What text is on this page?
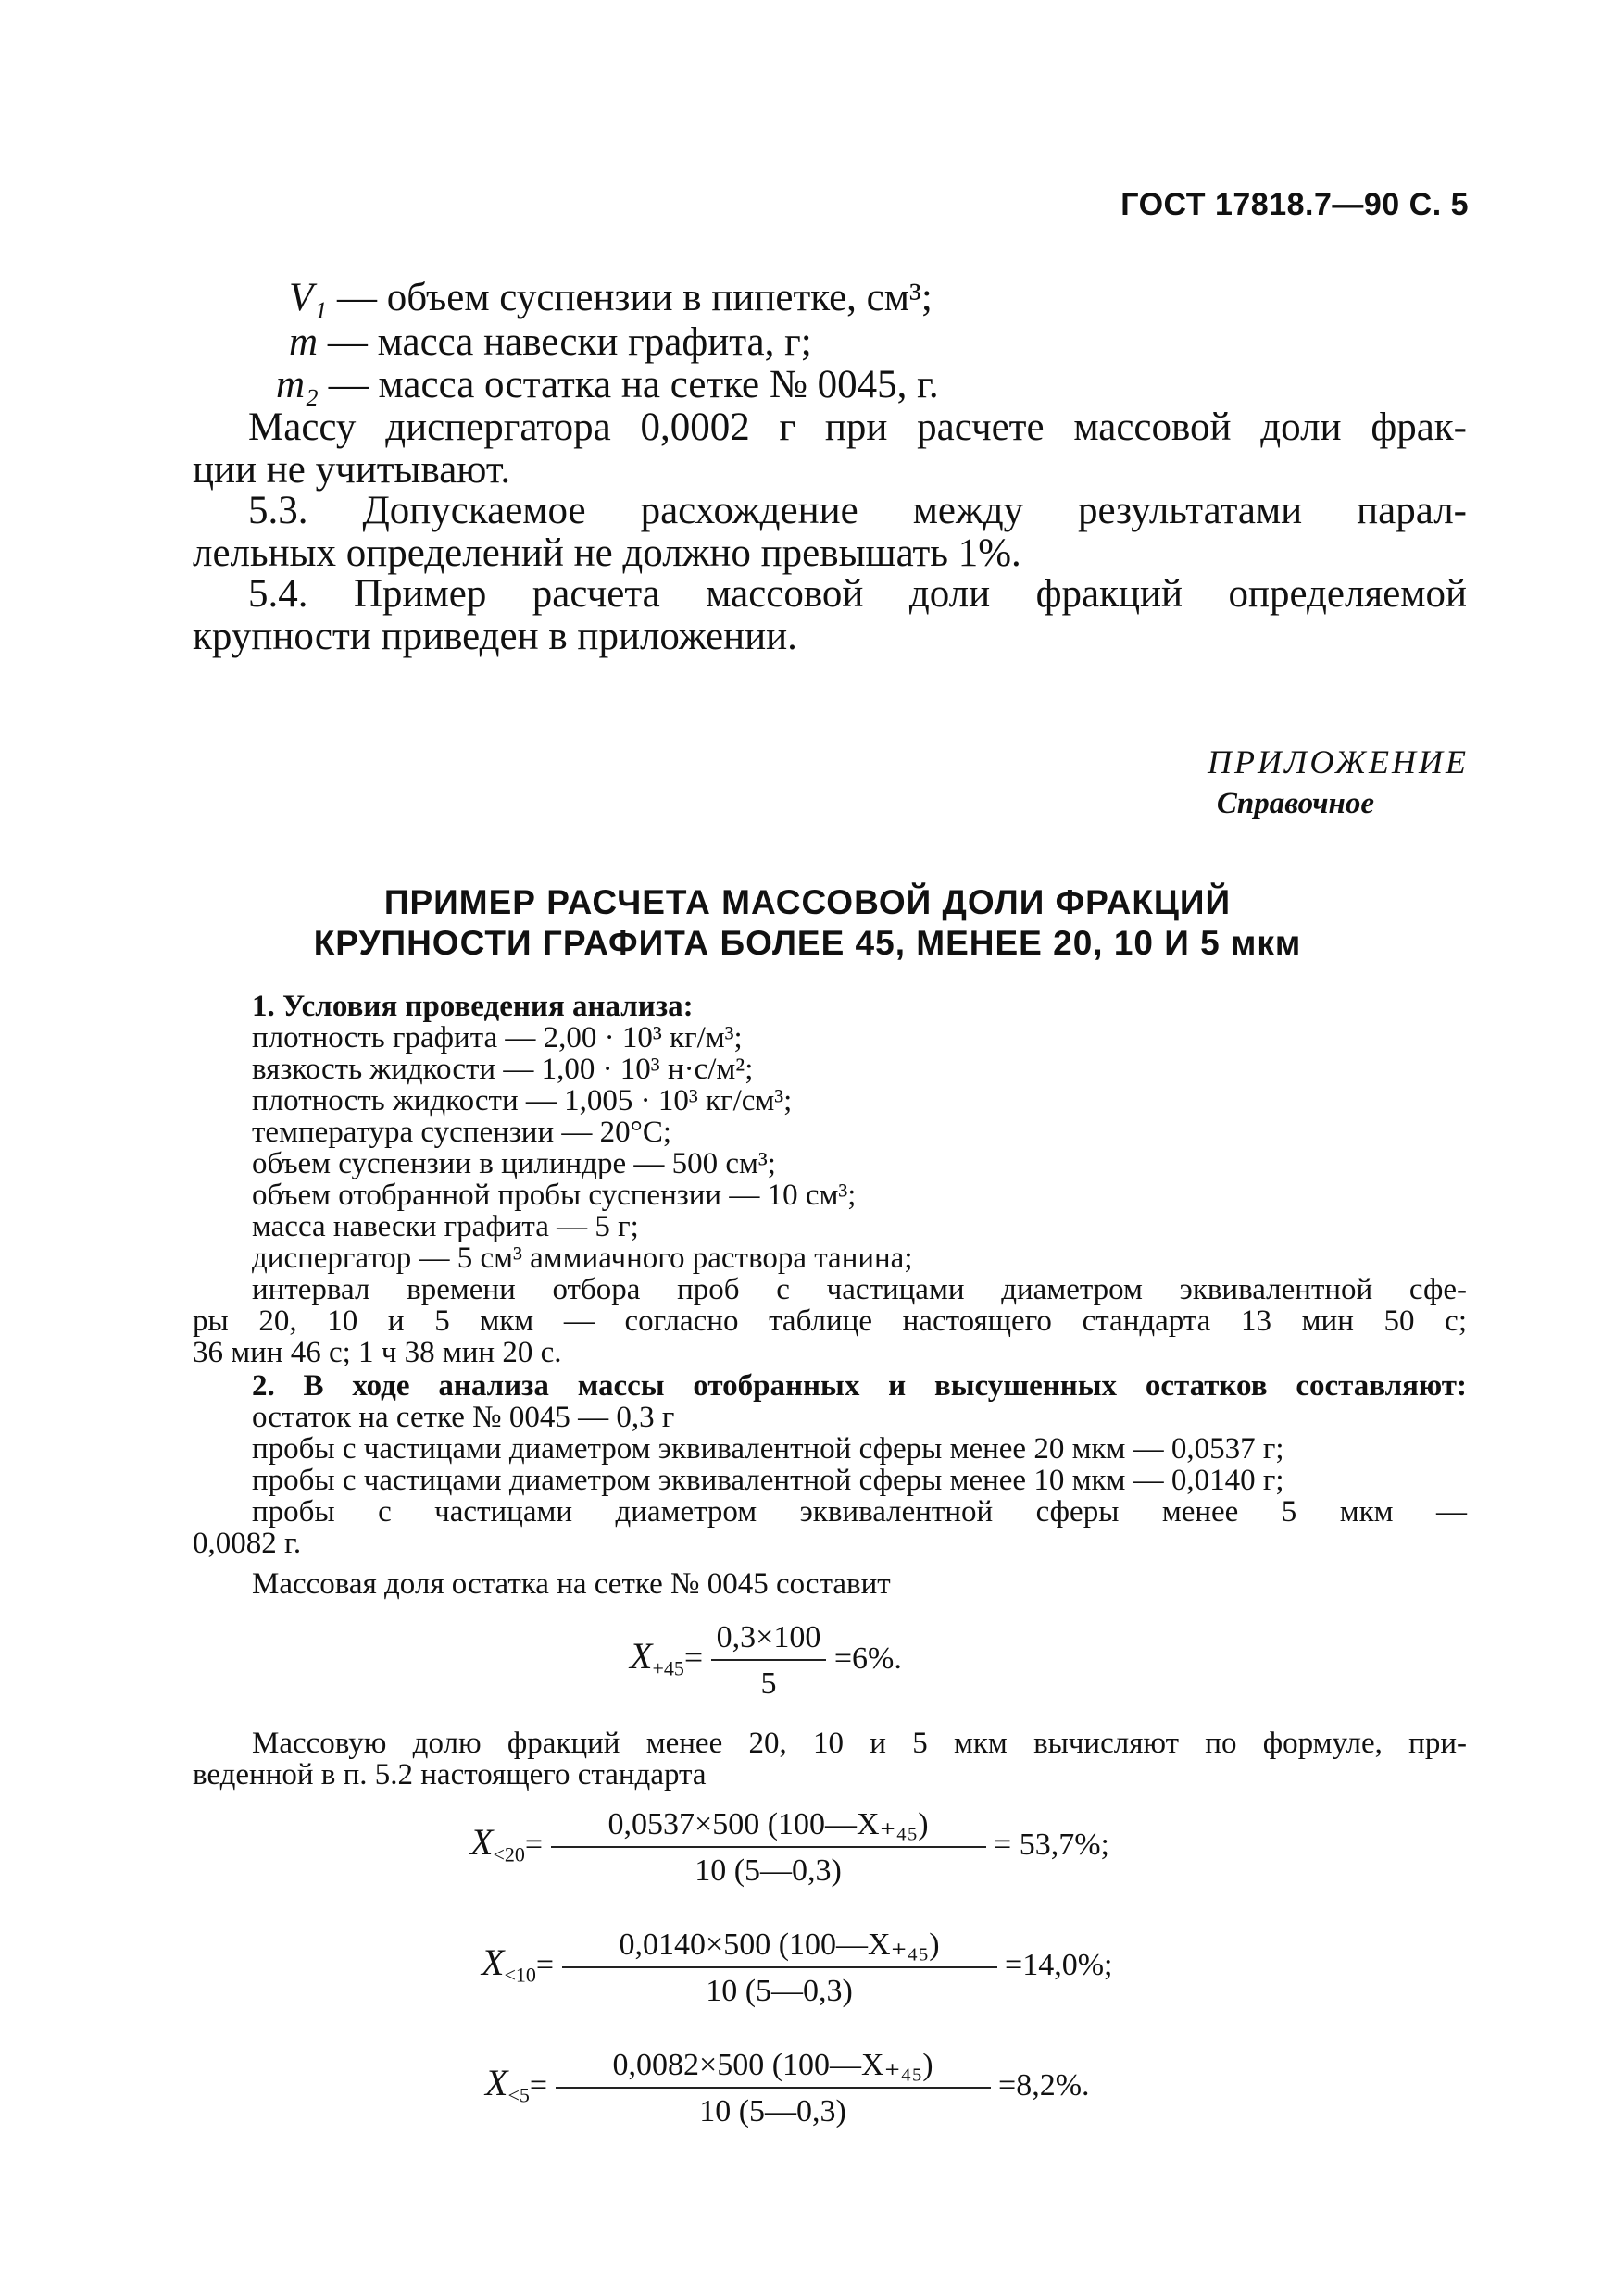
ГОСТ 17818.7—90 С. 5
V₁ — объем суспензии в пипетке, см³;
m — масса навески графита, г;
m₂ — масса остатка на сетке № 0045, г.
Массу диспергатора 0,0002 г при расчете массовой доли фрак-
ции не учитывают.
5.3. Допускаемое расхождение между результатами парал-
лельных определений не должно превышать 1%.
5.4. Пример расчета массовой доли фракций определяемой
крупности приведен в приложении.
ПРИЛОЖЕНИЕ
Справочное
ПРИМЕР РАСЧЕТА МАССОВОЙ ДОЛИ ФРАКЦИЙ
КРУПНОСТИ ГРАФИТА БОЛЕЕ 45, МЕНЕЕ 20, 10 И 5 мкм
1. Условия проведения анализа:
плотность графита — 2,00 · 10³ кг/м³;
вязкость жидкости — 1,00 · 10³ н·с/м²;
плотность жидкости — 1,005 · 10³ кг/см³;
температура суспензии — 20°С;
объем суспензии в цилиндре — 500 см³;
объем отобранной пробы суспензии — 10 см³;
масса навески графита — 5 г;
диспергатор — 5 см³ аммиачного раствора танина;
интервал времени отбора проб с частицами диаметром эквивалентной сфе-
ры 20, 10 и 5 мкм — согласно таблице настоящего стандарта 13 мин 50 с;
36 мин 46 с; 1 ч 38 мин 20 с.
2. В ходе анализа массы отобранных и высушенных остатков составляют:
остаток на сетке № 0045 — 0,3 г
пробы с частицами диаметром эквивалентной сферы менее 20 мкм — 0,0537 г;
пробы с частицами диаметром эквивалентной сферы менее 10 мкм — 0,0140 г;
пробы с частицами диаметром эквивалентной сферы менее 5 мкм —
0,0082 г.
Массовая доля остатка на сетке № 0045 составит
$X_{+45}= \frac{0,3\times 100}{5} =6\%$.
Массовую долю фракций менее 20, 10 и 5 мкм вычисляют по формуле, при-
веденной в п. 5.2 настоящего стандарта
$X_{<20}= \frac{\text{0,0537×500 (100—X₊₄₅)}}{10 (5—0,3)} = 53,7\%$;
$X_{<10}= \frac{\text{0,0140×500 (100—X₊₄₅)}}{10 (5—0,3)} =14,0\%$;
$X_{<5}= \frac{\text{0,0082×500 (100—X₊₄₅)}}{10 (5—0,3)} =8,2\%$.
